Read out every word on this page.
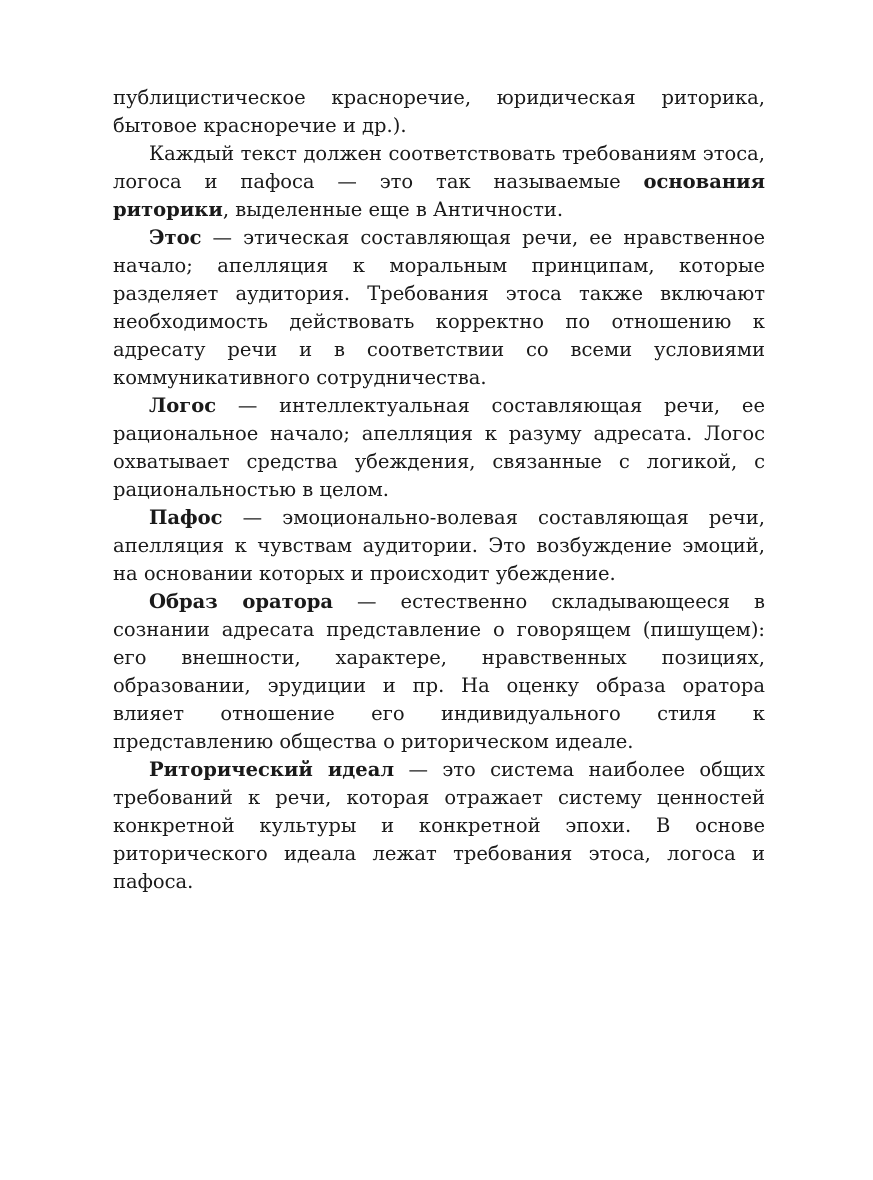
публицистическое красноречие, юридическая риторика, бытовое красноречие и др.).

Каждый текст должен соответствовать требованиям этоса, логоса и пафоса — это так называемые основания риторики, выделенные еще в Античности.

Этос — этическая составляющая речи, ее нравственное начало; апелляция к моральным принципам, которые разделяет аудитория. Требования этоса также включают необходимость действовать корректно по отношению к адресату речи и в соответствии со всеми условиями коммуникативного сотрудничества.

Логос — интеллектуальная составляющая речи, ее рациональное начало; апелляция к разуму адресата. Логос охватывает средства убеждения, связанные с логикой, с рациональностью в целом.

Пафос — эмоционально-волевая составляющая речи, апелляция к чувствам аудитории. Это возбуждение эмоций, на основании которых и происходит убеждение.

Образ оратора — естественно складывающееся в сознании адресата представление о говорящем (пишущем): его внешности, характере, нравственных позициях, образовании, эрудиции и пр. На оценку образа оратора влияет отношение его индивидуального стиля к представлению общества о риторическом идеале.

Риторический идеал — это система наиболее общих требований к речи, которая отражает систему ценностей конкретной культуры и конкретной эпохи. В основе риторического идеала лежат требования этоса, логоса и пафоса.
